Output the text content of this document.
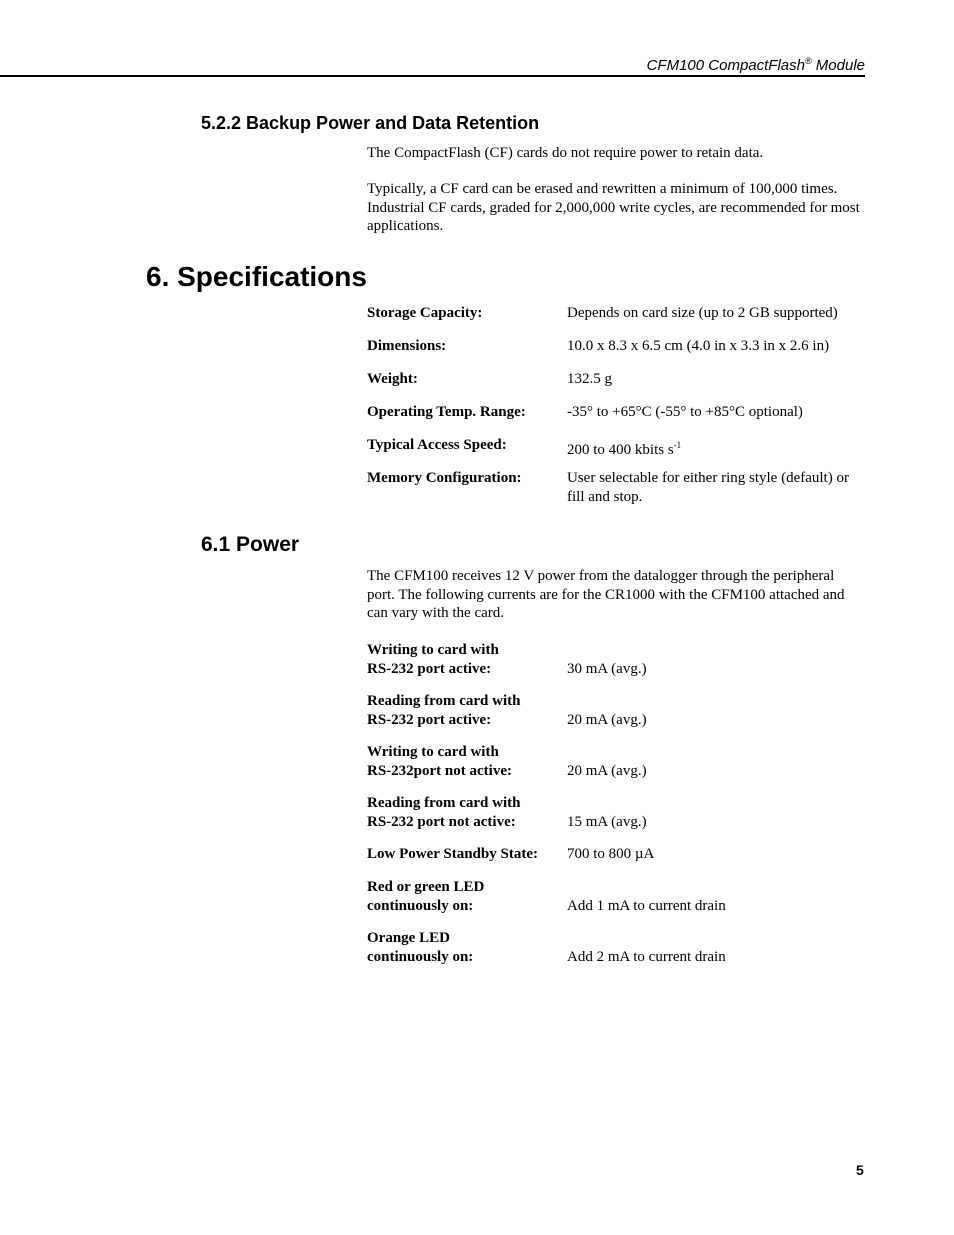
CFM100 CompactFlash® Module
5.2.2 Backup Power and Data Retention
The CompactFlash (CF) cards do not require power to retain data.
Typically, a CF card can be erased and rewritten a minimum of 100,000 times. Industrial CF cards, graded for 2,000,000 write cycles, are recommended for most applications.
6. Specifications
Storage Capacity:	Depends on card size (up to 2 GB supported)
Dimensions:	10.0 x 8.3 x 6.5 cm (4.0 in x 3.3 in x 2.6 in)
Weight:	132.5 g
Operating Temp. Range:	-35° to +65°C (-55° to +85°C optional)
Typical Access Speed:	200 to 400 kbits $s^{-1}$
Memory Configuration:	User selectable for either ring style (default) or fill and stop.
6.1 Power
The CFM100 receives 12 V power from the datalogger through the peripheral port. The following currents are for the CR1000 with the CFM100 attached and can vary with the card.
Writing to card with
RS-232 port active:	30 mA (avg.)
Reading from card with
RS-232 port active:	20 mA (avg.)
Writing to card with
RS-232port not active:	20 mA (avg.)
Reading from card with
RS-232 port not active:	15 mA (avg.)
Low Power Standby State:	700 to 800 µA
Red or green LED
continuously on:	Add 1 mA to current drain
Orange LED
continuously on:	Add 2 mA to current drain
5
